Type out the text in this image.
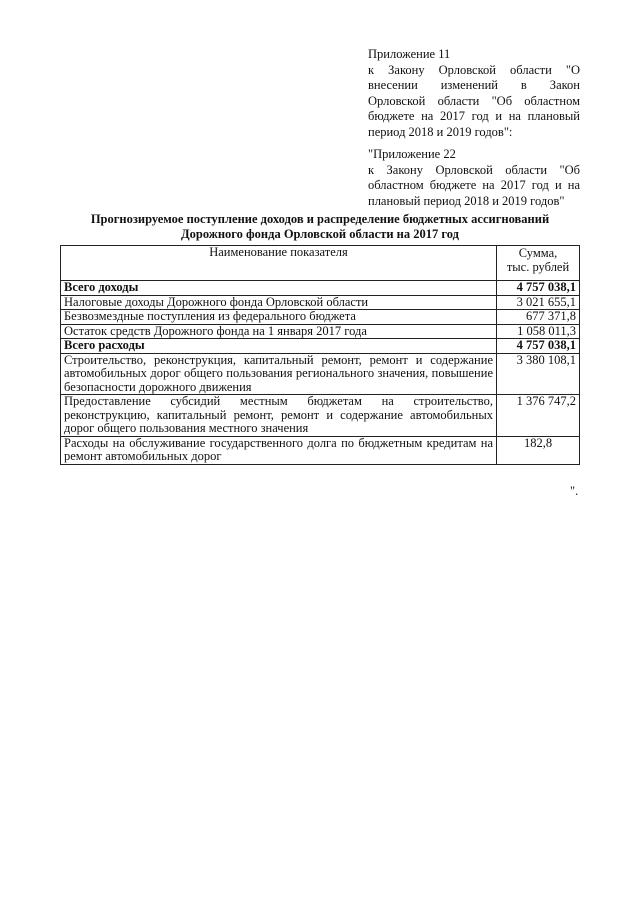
Приложение 11
к Закону Орловской области "О внесении изменений в Закон Орловской области "Об областном бюджете на 2017 год и на плановый период 2018 и 2019 годов":
"Приложение 22
к Закону Орловской области "Об областном бюджете на 2017 год и на плановый период 2018 и 2019 годов"
Прогнозируемое поступление доходов и распределение бюджетных ассигнований
Дорожного фонда Орловской области на 2017 год
Наименование показателя	Сумма,
тыс. рублей

Всего доходы	4 757 038,1
Налоговые доходы Дорожного фонда Орловской области	3 021 655,1
Безвозмездные поступления из федерального бюджета	677 371,8
Остаток средств Дорожного фонда на 1 января 2017 года	1 058 011,3
Всего расходы	4 757 038,1
Строительство, реконструкция, капитальный ремонт, ремонт и содержание автомобильных дорог общего пользования регионального значения, повышение безопасности дорожного движения	3 380 108,1
Предоставление субсидий местным бюджетам на строительство, реконструкцию, капитальный ремонт, ремонт и содержание автомобильных дорог общего пользования местного значения	1 376 747,2
Расходы на обслуживание государственного долга по бюджетным кредитам на ремонт автомобильных дорог	182,8
".
